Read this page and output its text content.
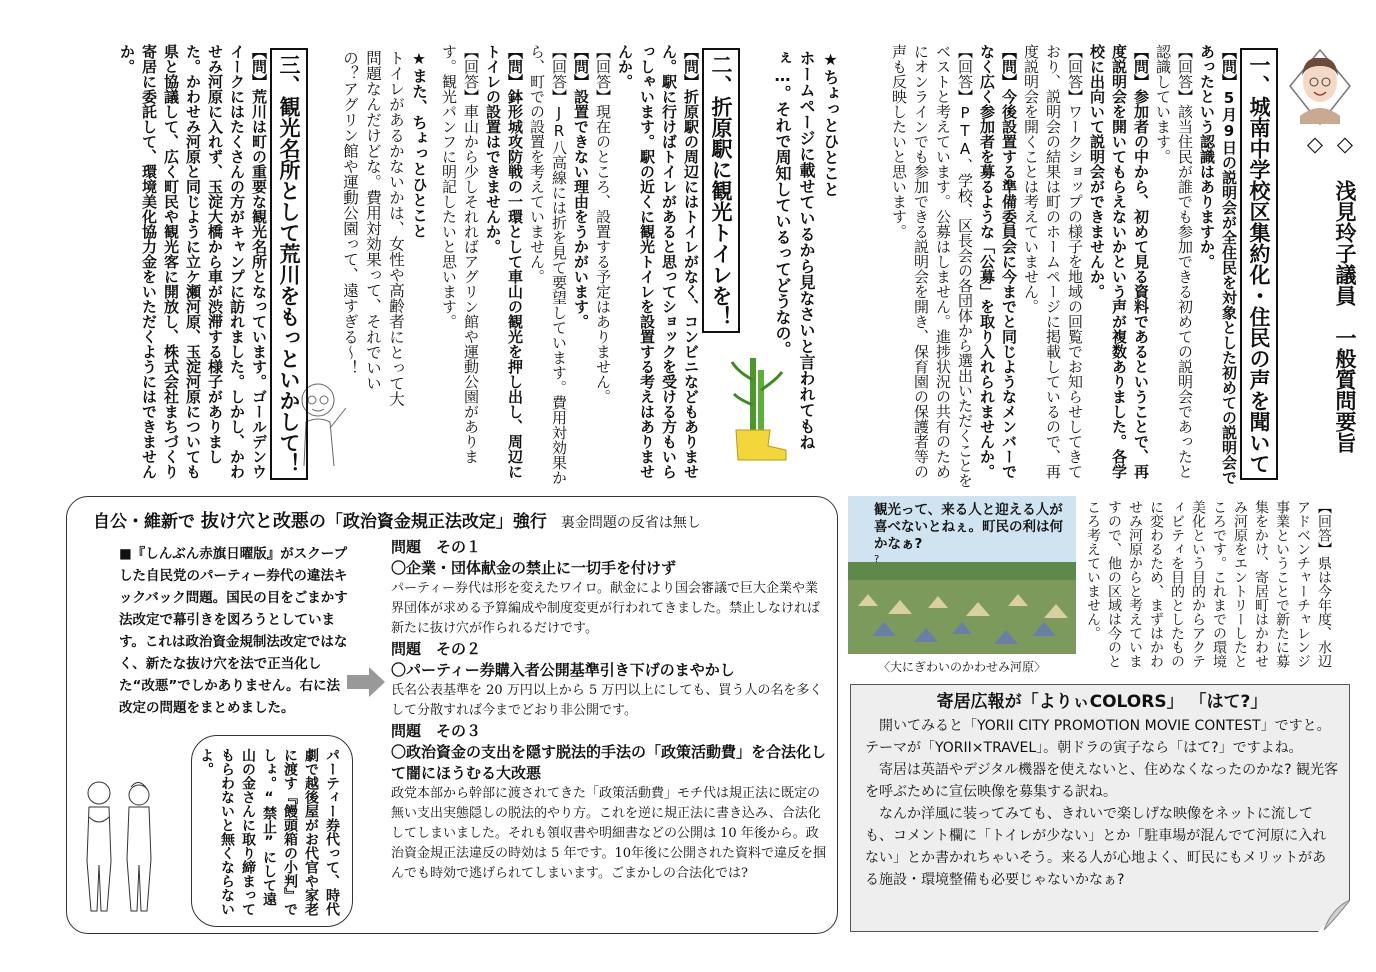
◇ 浅見玲子議員　一般質問要旨 ◇
一、城南中学校区集約化・住民の声を聞いて

【問】5月9日の説明会が全住民を対象とした初めての説明会であったという認識はありますか。

【回答】該当住民が誰でも参加できる初めての説明会であったと認識しています。

【問】参加者の中から、初めて見る資料であるということで、再度説明会を開いてもらえないかという声が複数ありました。各学校に出向いて説明会ができませんか。

【回答】ワークショップの様子を地域の回覧でお知らせしてきており、説明会の結果は町のホームページに掲載しているので、再度説明会を開くことは考えていません。

【問】今後設置する準備委員会に今までと同じようなメンバーでなく広く参加者を募るような「公募」を取り入れられませんか。

【回答】PTA、学校、区長会の各団体から選出いただくことをベストと考えています。公募はしません。進捗状況の共有のためにオンラインでも参加できる説明会を開き、保育園の保護者等の声も反映したいと思います。

★ちょっとひとこと

ホームページに載せているから見なさいと言われてもねぇ…。それで周知しているってどうなの。

二、折原駅に観光トイレを！

【問】折原駅の周辺にはトイレがなく、コンビニなどもありません。駅に行けばトイレがあると思ってショックを受ける方もいらっしゃいます。駅の近くに観光トイレを設置する考えはありませんか。

【回答】現在のところ、設置する予定はありません。

【問】設置できない理由をうかがいます。

【回答】JR八高線には折を見て要望しています。費用対効果から、町での設置を考えていません。

【問】鉢形城攻防戦の一環として車山の観光を押し出し、周辺にトイレの設置はできませんか。

【回答】車山から少しそれればアグリン館や運動公園があります。観光パンフに明記したいと思います。

★また、ちょっとひとこと

トイレがあるかないかは、女性や高齢者にとって大問題なんだけどな。費用対効果って、それでいいの？アグリン館や運動公園って、遠すぎる〜！

三、観光名所として荒川をもっといかして！

【問】荒川は町の重要な観光名所となっています。ゴールデンウイークにはたくさんの方がキャンプに訪れました。しかし、かわせみ河原に入れず、玉淀大橋から車が渋滞する様子がありました。かわせみ河原と同じように立ケ瀬河原、玉淀河原についても県と協議して、広く町民や観光客に開放し、株式会社まちづくり寄居に委託して、環境美化協力金をいただくようにはできませんか。

【回答】県は今年度、水辺アドベンチャーチャレンジ事業ということで新たに募集をかけ、寄居町はかわせみ河原をエントリーしたところです。これまでの環境美化という目的からアクティビティを目的としたものに変わるため、まずはかわせみ河原からと考えていますので、他の区域は今のところ考えていません。

観光って、来る人と迎える人が喜べないとねぇ。町民の利は何かなぁ?
?
〈大にぎわいのかわせみ河原〉
自公・維新で 抜け穴と改悪の「政治資金規正法改定」強行 裏金問題の反省は無し
■『しんぶん赤旗日曜版』がスクープした自民党のパーティー券代の違法キックバック問題。国民の目をごまかす法改定で幕引きを図ろうとしています。これは政治資金規制法改定ではなく、新たな抜け穴を法で正当化した“改悪”でしかありません。右に法改定の問題をまとめました。
パーティー券代って、時代劇で越後屋がお代官や家老に渡す『饅頭箱の小判』でしょ。“禁止”にして遠山の金さんに取り締まってもらわないと無くならないよ。

問題　その１

〇企業・団体献金の禁止に一切手を付けず

パーティー券代は形を変えたワイロ。献金により国会審議で巨大企業や業界団体が求める予算編成や制度変更が行われてきました。禁止しなければ新たに抜け穴が作られるだけです。

問題　その２

〇パーティー券購入者公開基準引き下げのまやかし

氏名公表基準を 20 万円以上から 5 万円以上にしても、買う人の名を多くして分散すれば今までどおり非公開です。

問題　その３

〇政治資金の支出を隠す脱法的手法の「政策活動費」を合法化して闇にほうむる大改悪

政党本部から幹部に渡されてきた「政策活動費」モチ代は規正法に既定の無い支出実態隠しの脱法的やり方。これを逆に規正法に書き込み、合法化してしまいました。それも領収書や明細書などの公開は 10 年後から。政治資金規正法違反の時効は 5 年です。10年後に公開された資料で違反を掴んでも時効で逃げられてしまいます。ごまかしの合法化では?

寄居広報が「よりぃCOLORS」 「はて?」

開いてみると「YORII CITY PROMOTION MOVIE CONTEST」ですと。テーマが「YORII×TRAVEL」。朝ドラの寅子なら「はて?」ですよね。

寄居は英語やデジタル機器を使えないと、住めなくなったのかな? 観光客を呼ぶために宣伝映像を募集する訳ね。

なんか洋風に装ってみても、きれいで楽しげな映像をネットに流しても、コメント欄に「トイレが少ない」とか「駐車場が混んでて河原に入れない」とか書かれちゃいそう。来る人が心地よく、町民にもメリットがある施設・環境整備も必要じゃないかなぁ?
